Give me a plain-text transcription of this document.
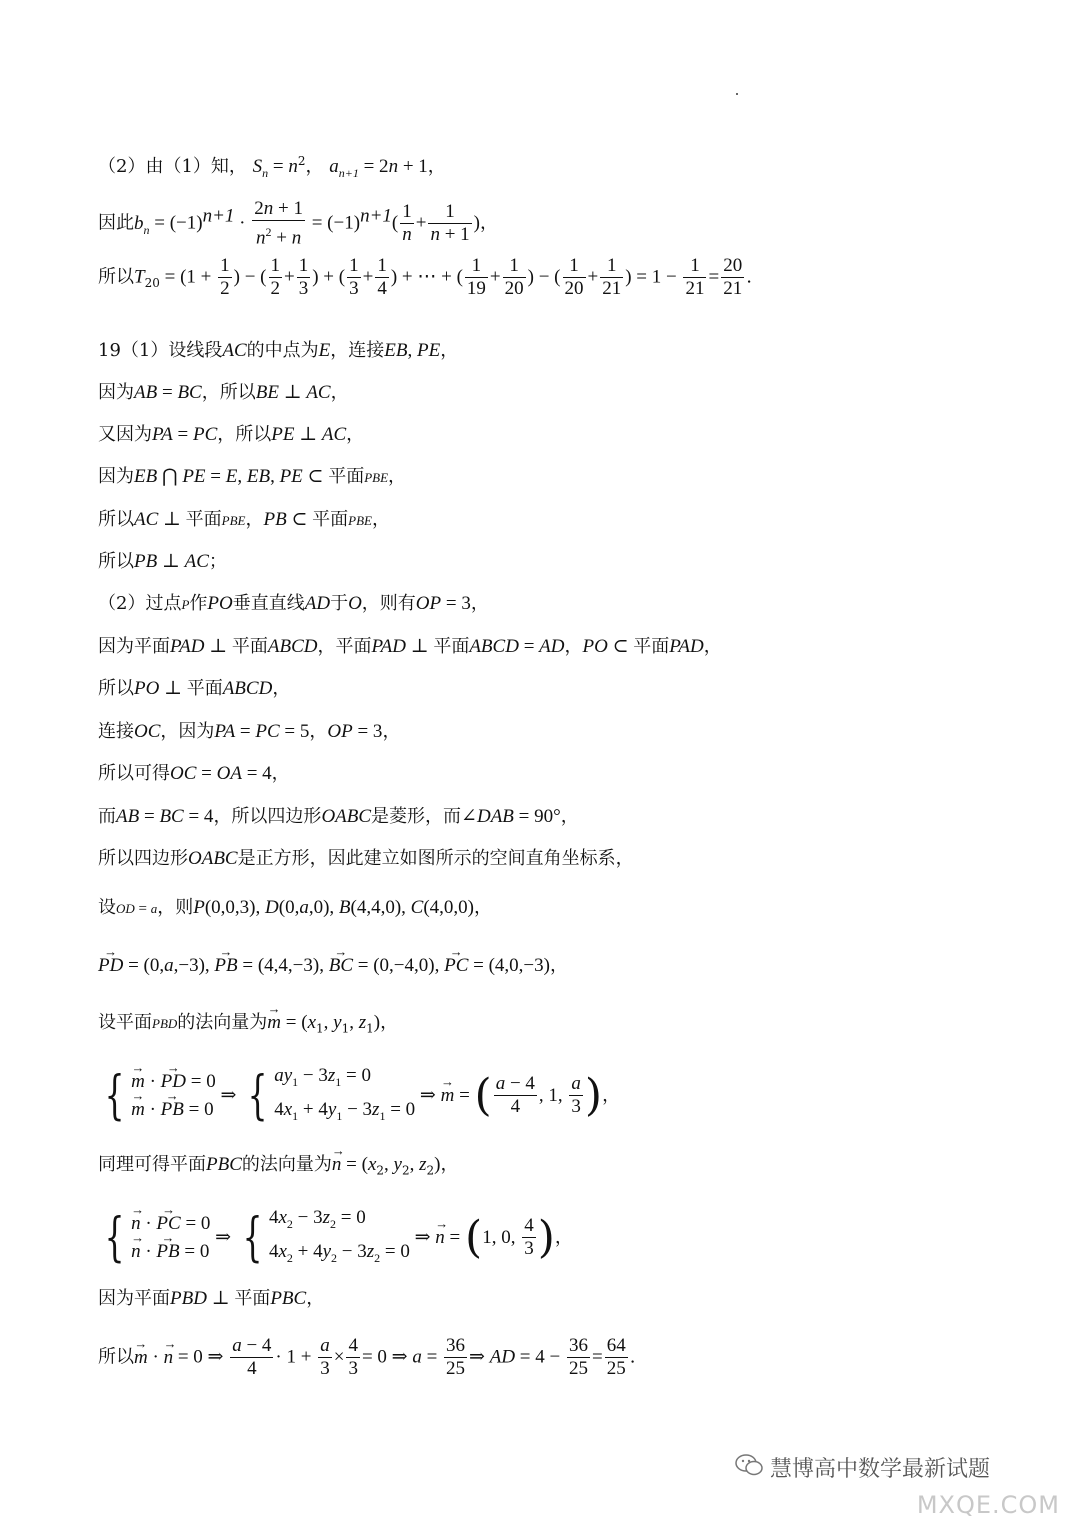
（2）由（1）知， $S_n = n^2$， $a_{n+1} = 2n + 1$，
因此$b_n = (-1)^{n+1} \cdot \frac{2n + 1}{n^2 + n} = (-1)^{n+1}( \frac{1}{n} + \frac{1}{n + 1}$ )，
所以$T_{20} = (1 + \frac{1}{2}$ ) − ( $\frac{1}{2} + \frac{1}{3}$ ) + ( $\frac{1}{3} + \frac{1}{4}$ ) + ⋯ + ( $\frac{1}{19} + \frac{1}{20}$ ) − ( $\frac{1}{20} + \frac{1}{21}$ ) = $1 - \frac{1}{21} = \frac{20}{21}$ .
19（1）设线段AC的中点为E，连接EB, PE，
因为AB = BC，所以BE ⊥ AC，
又因为PA = PC，所以PE ⊥ AC，
因为EB ⋂ PE = E, EB, PE ⊂ 平面PBE，
所以AC ⊥ 平面PBE，PB ⊂ 平面PBE，
所以PB ⊥ AC；
（2）过点P作PO垂直直线AD于O，则有OP = 3，
因为平面PAD ⊥ 平面ABCD，平面PAD ⊥ 平面ABCD = AD，PO ⊂ 平面PAD，
所以PO ⊥ 平面ABCD，
连接OC，因为PA = PC = 5，OP = 3，
所以可得OC = OA = 4，
而AB = BC = 4，所以四边形OABC是菱形，而∠DAB = 90°，
所以四边形OABC是正方形，因此建立如图所示的空间直角坐标系，
设OD = a，则P(0,0,3), D(0,a,0), B(4,4,0), C(4,0,0)，
→ PD = (0,a,−3), → PB = (4,4,−3), → BC = (0,−4,0), → PC = (4,0,−3)，
设平面PBD的法向量为→ $m = (x_1$, $y_1$, $z_1$)，
{ → m · → PD = 0
→ m · → PB = 0
⇒ { $ay_1 - 3z_1 = 0$
$4x_1 + 4y_1 - 3z_1 = 0$
⇒ → m = ( $\frac{a - 4}{4}$ , 1, $\frac{a}{3}$ )，
同理可得平面PBC的法向量为→ $n = (x_2$, $y_2$, $z_2$)，
{ → n · → PC = 0
→ n · → PB = 0
⇒ { $4x_2 - 3z_2 = 0$
$4x_2 + 4y_2 - 3z_2 = 0$
⇒ → n = (1, 0, $\frac{4}{3}$ )，
因为平面PBD ⊥ 平面PBC，
所以→ m · → n = 0 ⇒ $\frac{a - 4}{4} \cdot 1 + \frac{a}{3} \times \frac{4}{3} = 0$ ⇒ $a = \frac{36}{25}$ ⇒ AD = $4 - \frac{36}{25} = \frac{64}{25}$ .
慧博高中数学最新试题
MXQE.COM
